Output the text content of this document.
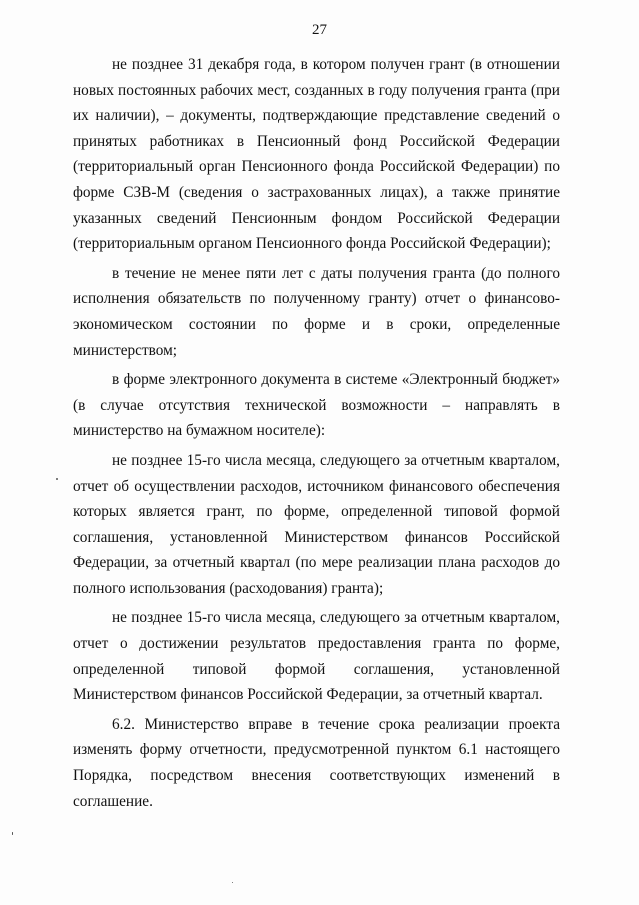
27

не позднее 31 декабря года, в котором получен грант (в отношении новых постоянных рабочих мест, созданных в году получения гранта (при их наличии), – документы, подтверждающие представление сведений о принятых работниках в Пенсионный фонд Российской Федерации (территориальный орган Пенсионного фонда Российской Федерации) по форме СЗВ-М (сведения о застрахованных лицах), а также принятие указанных сведений Пенсионным фондом Российской Федерации (территориальным органом Пенсионного фонда Российской Федерации);

в течение не менее пяти лет с даты получения гранта (до полного исполнения обязательств по полученному гранту) отчет о финансово-экономическом состоянии по форме и в сроки, определенные министерством;

в форме электронного документа в системе «Электронный бюджет» (в случае отсутствия технической возможности – направлять в министерство на бумажном носителе):

не позднее 15-го числа месяца, следующего за отчетным кварталом, отчет об осуществлении расходов, источником финансового обеспечения которых является грант, по форме, определенной типовой формой соглашения, установленной Министерством финансов Российской Федерации, за отчетный квартал (по мере реализации плана расходов до полного использования (расходования) гранта);

не позднее 15-го числа месяца, следующего за отчетным кварталом, отчет о достижении результатов предоставления гранта по форме, определенной типовой формой соглашения, установленной Министерством финансов Российской Федерации, за отчетный квартал.

6.2. Министерство вправе в течение срока реализации проекта изменять форму отчетности, предусмотренной пунктом 6.1 настоящего Порядка, посредством внесения соответствующих изменений в соглашение.
